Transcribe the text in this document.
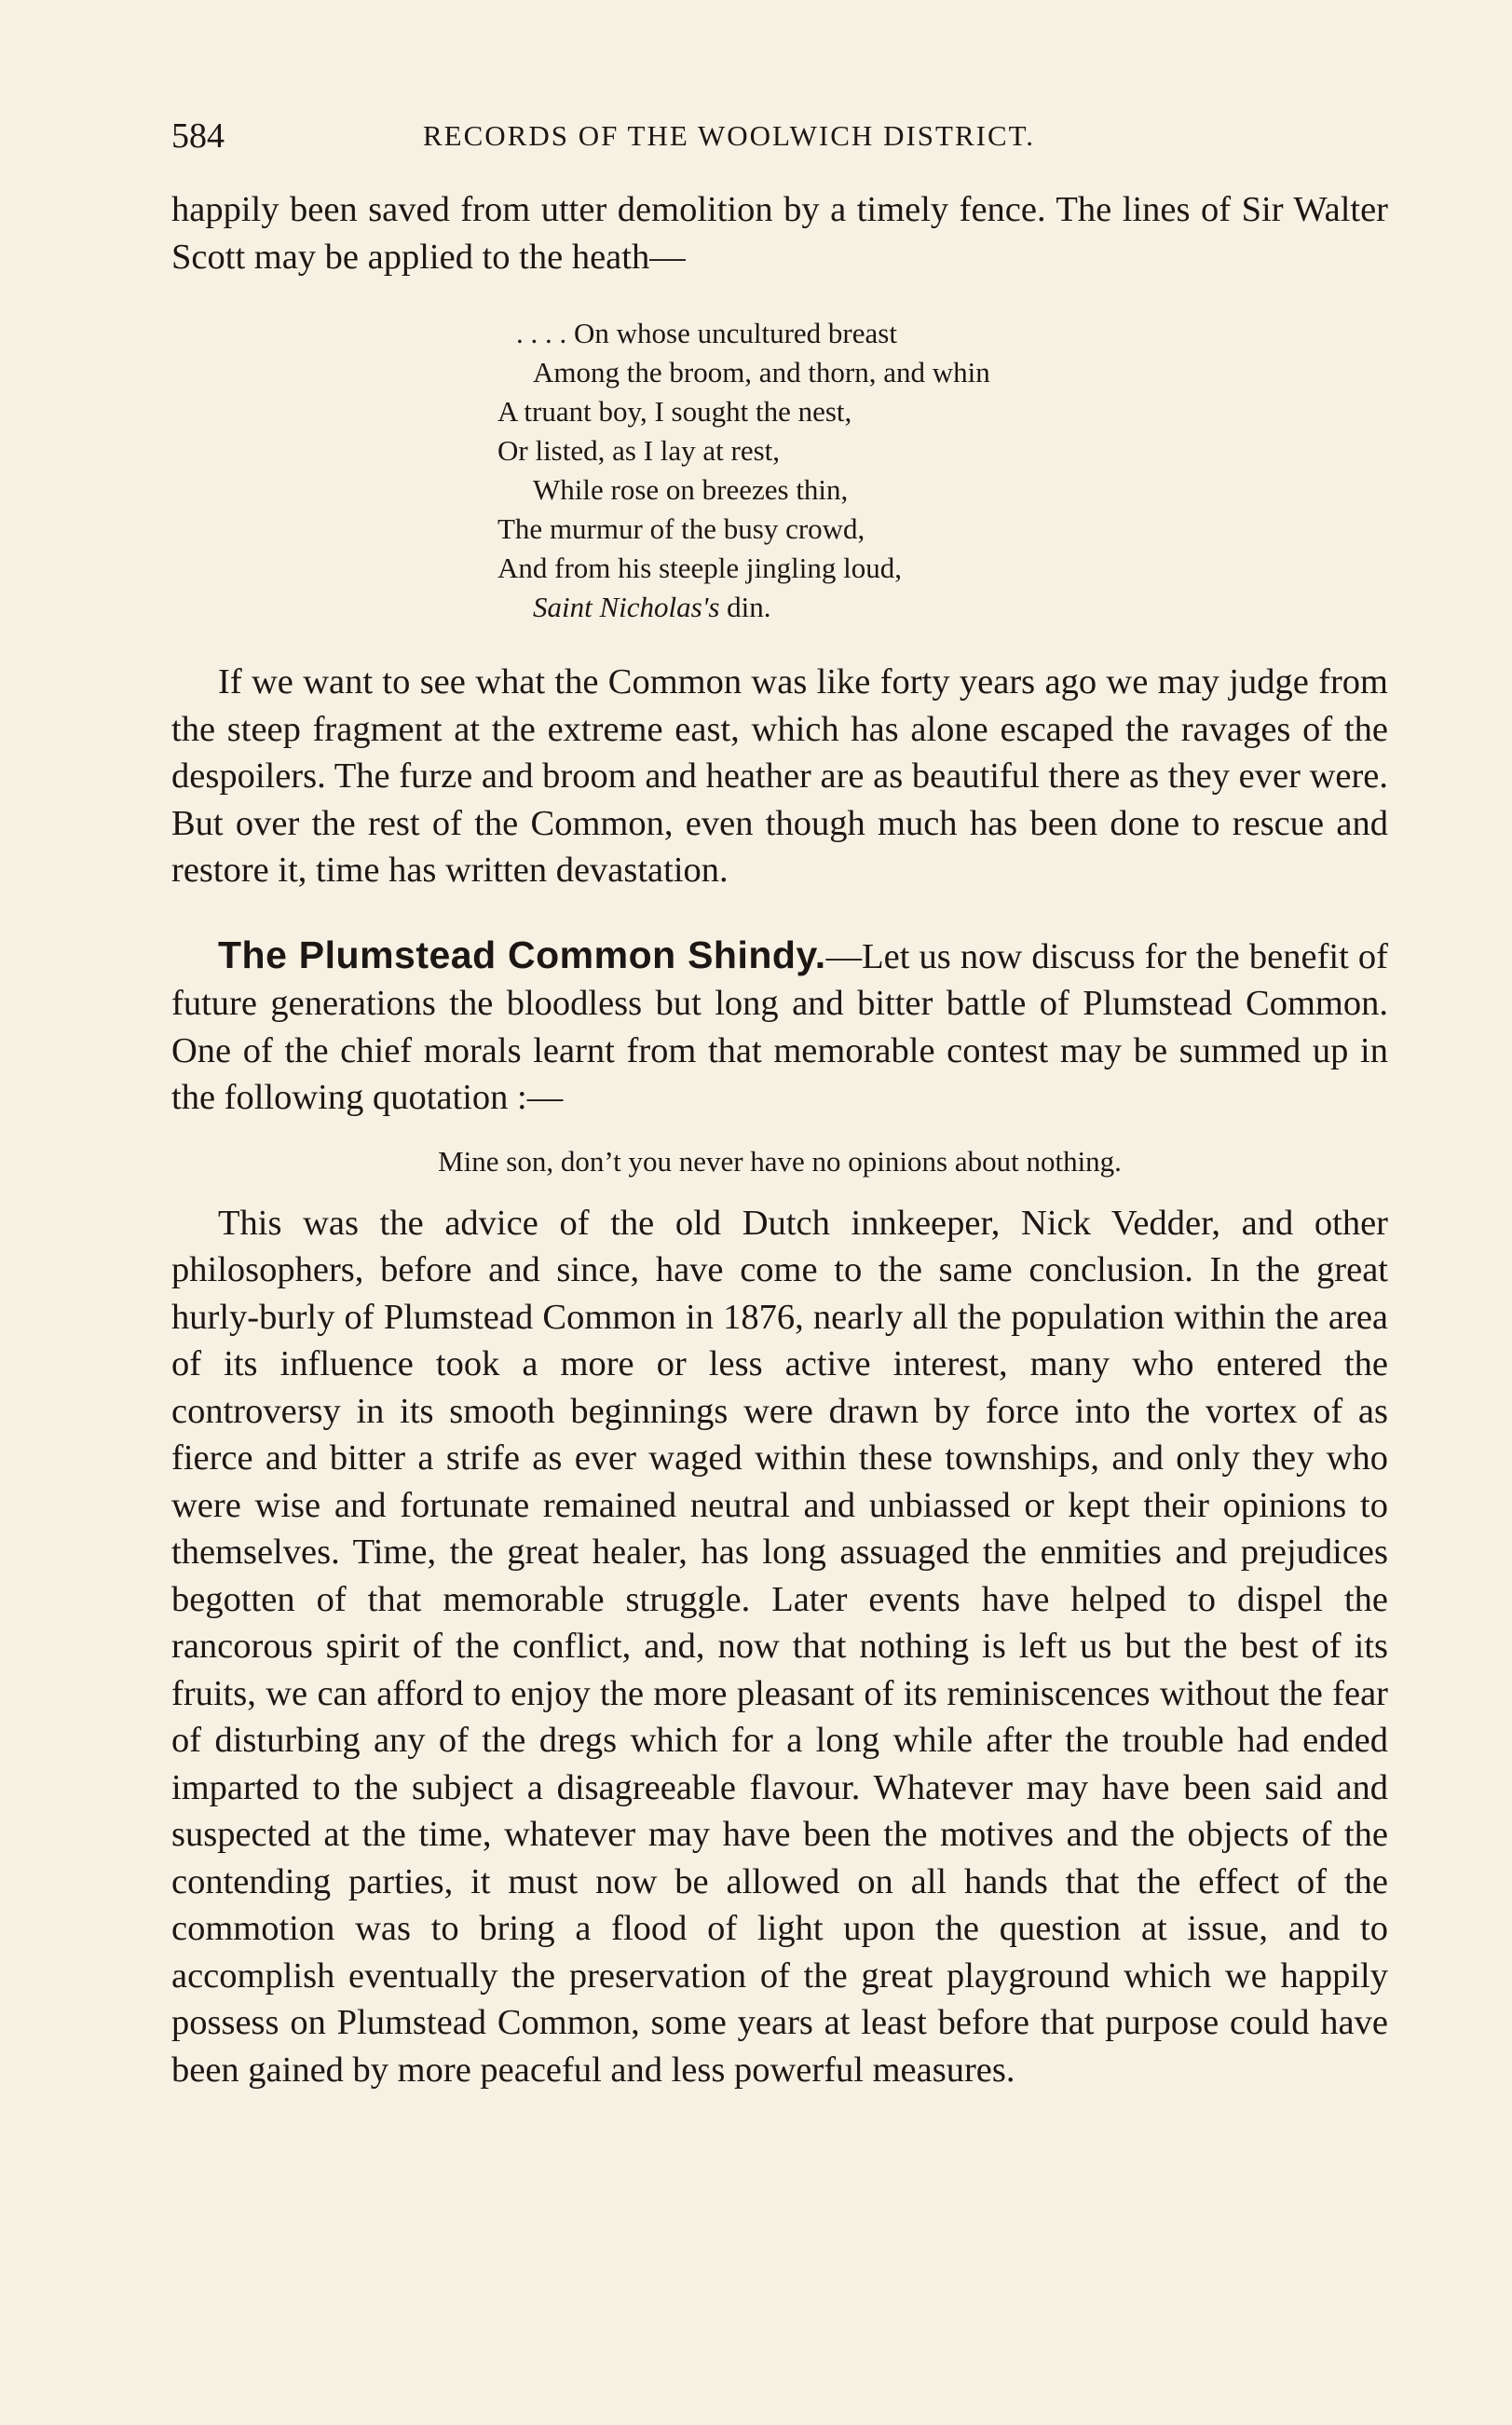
584	RECORDS OF THE WOOLWICH DISTRICT.

happily been saved from utter demolition by a timely fence. The lines of Sir Walter Scott may be applied to the heath—

. . . . On whose uncultured breast
Among the broom, and thorn, and whin
A truant boy, I sought the nest,
Or listed, as I lay at rest,
While rose on breezes thin,
The murmur of the busy crowd,
And from his steeple jingling loud,
Saint Nicholas's din.

If we want to see what the Common was like forty years ago we may judge from the steep fragment at the extreme east, which has alone escaped the ravages of the despoilers. The furze and broom and heather are as beautiful there as they ever were. But over the rest of the Common, even though much has been done to rescue and restore it, time has written devastation.

The Plumstead Common Shindy.—Let us now discuss for the benefit of future generations the bloodless but long and bitter battle of Plumstead Common. One of the chief morals learnt from that memorable contest may be summed up in the following quotation :—

Mine son, don’t you never have no opinions about nothing.

This was the advice of the old Dutch innkeeper, Nick Vedder, and other philosophers, before and since, have come to the same conclusion. In the great hurly-burly of Plumstead Common in 1876, nearly all the population within the area of its influence took a more or less active interest, many who entered the controversy in its smooth beginnings were drawn by force into the vortex of as fierce and bitter a strife as ever waged within these townships, and only they who were wise and fortunate remained neutral and unbiassed or kept their opinions to themselves. Time, the great healer, has long assuaged the enmities and prejudices begotten of that memorable struggle. Later events have helped to dispel the rancorous spirit of the conflict, and, now that nothing is left us but the best of its fruits, we can afford to enjoy the more pleasant of its reminiscences without the fear of disturbing any of the dregs which for a long while after the trouble had ended imparted to the subject a disagreeable flavour. Whatever may have been said and suspected at the time, whatever may have been the motives and the objects of the contending parties, it must now be allowed on all hands that the effect of the commotion was to bring a flood of light upon the question at issue, and to accomplish eventually the preservation of the great playground which we happily possess on Plumstead Common, some years at least before that purpose could have been gained by more peaceful and less powerful measures.
